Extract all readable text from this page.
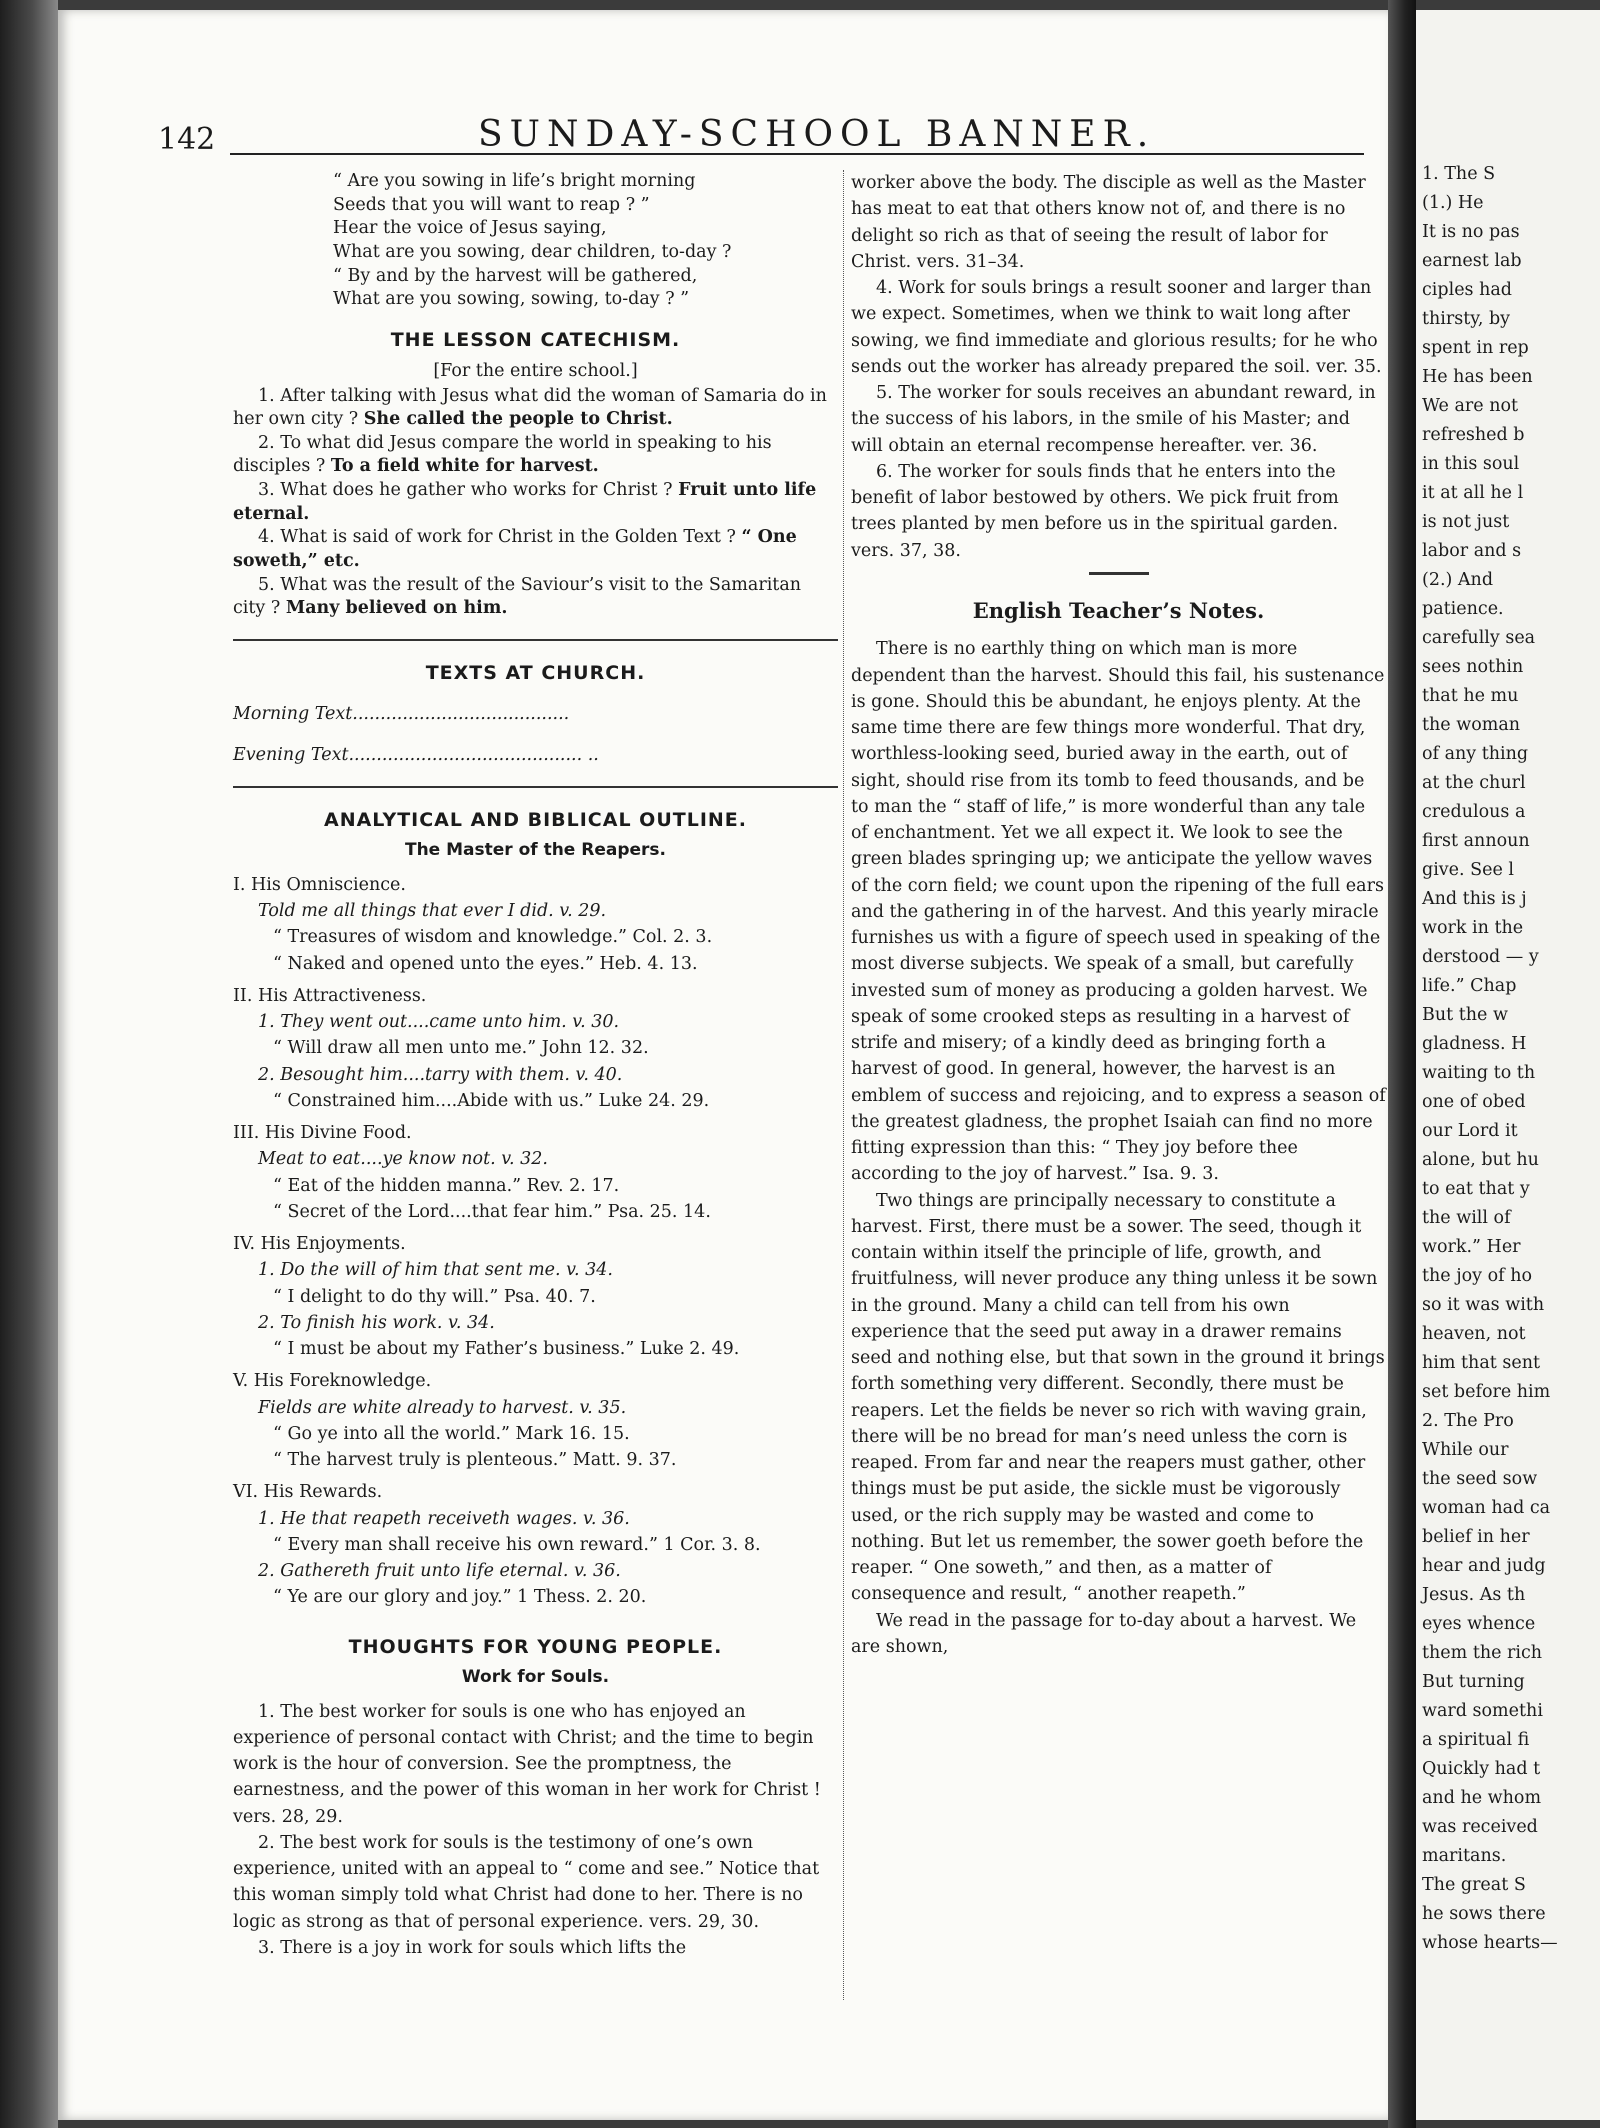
142	SUNDAY-SCHOOL BANNER.

“ Are you sowing in life’s bright morning

Seeds that you will want to reap ? ”

Hear the voice of Jesus saying,

What are you sowing, dear children, to-day ?

“ By and by the harvest will be gathered,

What are you sowing, sowing, to-day ? ”

THE LESSON CATECHISM.

[For the entire school.]

1. After talking with Jesus what did the woman of Samaria do in her own city ? She called the people to Christ.

2. To what did Jesus compare the world in speaking to his disciples ? To a field white for harvest.

3. What does he gather who works for Christ ? Fruit unto life eternal.

4. What is said of work for Christ in the Golden Text ? “ One soweth,” etc.

5. What was the result of the Saviour’s visit to the Samaritan city ? Many believed on him.

TEXTS AT CHURCH.

Morning Text.......................................

Evening Text.......................................... ..

ANALYTICAL AND BIBLICAL OUTLINE.
The Master of the Reapers.

I. His Omniscience.

Told me all things that ever I did. v. 29.

“ Treasures of wisdom and knowledge.” Col. 2. 3.

“ Naked and opened unto the eyes.” Heb. 4. 13.

II. His Attractiveness.

1. They went out....came unto him. v. 30.

“ Will draw all men unto me.” John 12. 32.

2. Besought him....tarry with them. v. 40.

“ Constrained him....Abide with us.” Luke 24. 29.

III. His Divine Food.

Meat to eat....ye know not. v. 32.

“ Eat of the hidden manna.” Rev. 2. 17.

“ Secret of the Lord....that fear him.” Psa. 25. 14.

IV. His Enjoyments.

1. Do the will of him that sent me. v. 34.

“ I delight to do thy will.” Psa. 40. 7.

2. To finish his work. v. 34.

“ I must be about my Father’s business.” Luke 2. 49.

V. His Foreknowledge.

Fields are white already to harvest. v. 35.

“ Go ye into all the world.” Mark 16. 15.

“ The harvest truly is plenteous.” Matt. 9. 37.

VI. His Rewards.

1. He that reapeth receiveth wages. v. 36.

“ Every man shall receive his own reward.” 1 Cor. 3. 8.

2. Gathereth fruit unto life eternal. v. 36.

“ Ye are our glory and joy.” 1 Thess. 2. 20.

THOUGHTS FOR YOUNG PEOPLE.
Work for Souls.

1. The best worker for souls is one who has enjoyed an experience of personal contact with Christ; and the time to begin work is the hour of conversion. See the promptness, the earnestness, and the power of this woman in her work for Christ ! vers. 28, 29.

2. The best work for souls is the testimony of one’s own experience, united with an appeal to “ come and see.” Notice that this woman simply told what Christ had done to her. There is no logic as strong as that of personal experience. vers. 29, 30.

3. There is a joy in work for souls which lifts the

worker above the body. The disciple as well as the Master has meat to eat that others know not of, and there is no delight so rich as that of seeing the result of labor for Christ. vers. 31–34.

4. Work for souls brings a result sooner and larger than we expect. Sometimes, when we think to wait long after sowing, we find immediate and glorious results; for he who sends out the worker has already prepared the soil. ver. 35.

5. The worker for souls receives an abundant reward, in the success of his labors, in the smile of his Master; and will obtain an eternal recompense hereafter. ver. 36.

6. The worker for souls finds that he enters into the benefit of labor bestowed by others. We pick fruit from trees planted by men before us in the spiritual garden. vers. 37, 38.

English Teacher’s Notes.

There is no earthly thing on which man is more dependent than the harvest. Should this fail, his sustenance is gone. Should this be abundant, he enjoys plenty. At the same time there are few things more wonderful. That dry, worthless-looking seed, buried away in the earth, out of sight, should rise from its tomb to feed thousands, and be to man the “ staff of life,” is more wonderful than any tale of enchantment. Yet we all expect it. We look to see the green blades springing up; we anticipate the yellow waves of the corn field; we count upon the ripening of the full ears and the gathering in of the harvest. And this yearly miracle furnishes us with a figure of speech used in speaking of the most diverse subjects. We speak of a small, but carefully invested sum of money as producing a golden harvest. We speak of some crooked steps as resulting in a harvest of strife and misery; of a kindly deed as bringing forth a harvest of good. In general, however, the harvest is an emblem of success and rejoicing, and to express a season of the greatest gladness, the prophet Isaiah can find no more fitting expression than this: “ They joy before thee according to the joy of harvest.” Isa. 9. 3.

Two things are principally necessary to constitute a harvest. First, there must be a sower. The seed, though it contain within itself the principle of life, growth, and fruitfulness, will never produce any thing unless it be sown in the ground. Many a child can tell from his own experience that the seed put away in a drawer remains seed and nothing else, but that sown in the ground it brings forth something very different. Secondly, there must be reapers. Let the fields be never so rich with waving grain, there will be no bread for man’s need unless the corn is reaped. From far and near the reapers must gather, other things must be put aside, the sickle must be vigorously used, or the rich supply may be wasted and come to nothing. But let us remember, the sower goeth before the reaper. “ One soweth,” and then, as a matter of consequence and result, “ another reapeth.”

We read in the passage for to-day about a harvest. We are shown,

1. The S
(1.) He
It is no pas
earnest lab
ciples had
thirsty, by
spent in rep
He has been
We are not
refreshed b
in this soul
it at all he l
is not just
labor and s
(2.) And
patience.
carefully sea
sees nothin
that he mu
the woman
of any thing
at the churl
credulous a
first announ
give. See l
And this is j
work in the
derstood — y
life.” Chap
But the w
gladness. H
waiting to th
one of obed
our Lord it
alone, but hu
to eat that y
the will of
work.” Her
the joy of ho
so it was with
heaven, not
him that sent
set before him
2. The Pro
While our
the seed sow
woman had ca
belief in her
hear and judg
Jesus. As th
eyes whence
them the rich
But turning
ward somethi
a spiritual fi
Quickly had t
and he whom
was received
maritans.
The great S
he sows there
whose hearts—
